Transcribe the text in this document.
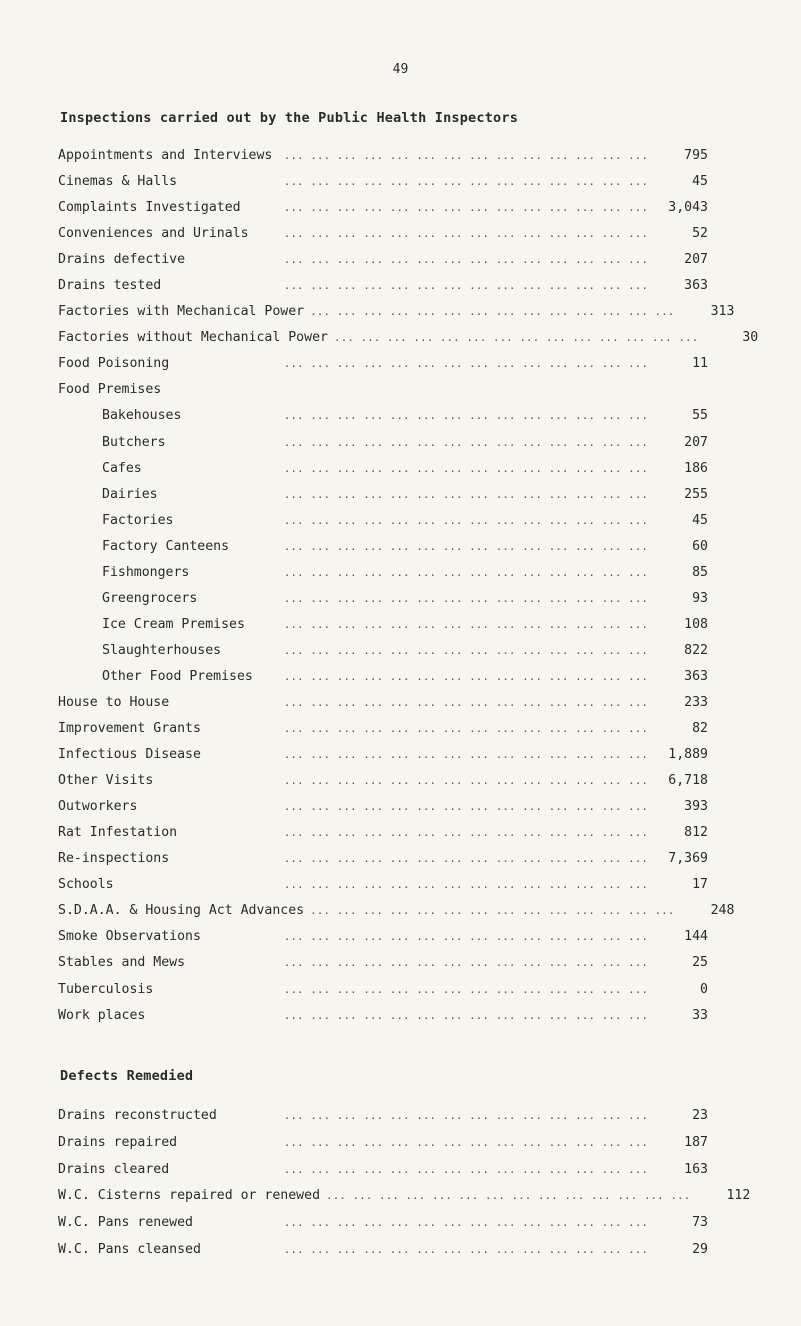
49
Inspections carried out by the Public Health Inspectors
Appointments and Interviews	... ... ... ... ... ... ... ... ... ... ... ... ... ...	795
Cinemas & Halls	... ... ... ... ... ... ... ... ... ... ... ... ... ...	45
Complaints Investigated	... ... ... ... ... ... ... ... ... ... ... ... ... ...	3,043
Conveniences and Urinals	... ... ... ... ... ... ... ... ... ... ... ... ... ...	52
Drains defective	... ... ... ... ... ... ... ... ... ... ... ... ... ...	207
Drains tested	... ... ... ... ... ... ... ... ... ... ... ... ... ...	363
Factories with Mechanical Power ... ... ... ... ... ... ... ... ... ... ... ... ... ...	313
Factories without Mechanical Power ... ... ... ... ... ... ... ... ... ... ... ... ... ...	30
Food Poisoning	... ... ... ... ... ... ... ... ... ... ... ... ... ...	11
Food Premises
Bakehouses	... ... ... ... ... ... ... ... ... ... ... ... ... ...	55
Butchers	... ... ... ... ... ... ... ... ... ... ... ... ... ...	207
Cafes	... ... ... ... ... ... ... ... ... ... ... ... ... ...	186
Dairies	... ... ... ... ... ... ... ... ... ... ... ... ... ...	255
Factories	... ... ... ... ... ... ... ... ... ... ... ... ... ...	45
Factory Canteens	... ... ... ... ... ... ... ... ... ... ... ... ... ...	60
Fishmongers	... ... ... ... ... ... ... ... ... ... ... ... ... ...	85
Greengrocers	... ... ... ... ... ... ... ... ... ... ... ... ... ...	93
Ice Cream Premises	... ... ... ... ... ... ... ... ... ... ... ... ... ...	108
Slaughterhouses	... ... ... ... ... ... ... ... ... ... ... ... ... ...	822
Other Food Premises	... ... ... ... ... ... ... ... ... ... ... ... ... ...	363
House to House	... ... ... ... ... ... ... ... ... ... ... ... ... ...	233
Improvement Grants	... ... ... ... ... ... ... ... ... ... ... ... ... ...	82
Infectious Disease	... ... ... ... ... ... ... ... ... ... ... ... ... ...	1,889
Other Visits	... ... ... ... ... ... ... ... ... ... ... ... ... ...	6,718
Outworkers	... ... ... ... ... ... ... ... ... ... ... ... ... ...	393
Rat Infestation	... ... ... ... ... ... ... ... ... ... ... ... ... ...	812
Re-inspections	... ... ... ... ... ... ... ... ... ... ... ... ... ...	7,369
Schools	... ... ... ... ... ... ... ... ... ... ... ... ... ...	17
S.D.A.A. & Housing Act Advances ... ... ... ... ... ... ... ... ... ... ... ... ... ...	248
Smoke Observations	... ... ... ... ... ... ... ... ... ... ... ... ... ...	144
Stables and Mews	... ... ... ... ... ... ... ... ... ... ... ... ... ...	25
Tuberculosis	... ... ... ... ... ... ... ... ... ... ... ... ... ...	0
Work places	... ... ... ... ... ... ... ... ... ... ... ... ... ...	33
Defects Remedied
Drains reconstructed	... ... ... ... ... ... ... ... ... ... ... ... ... ...	23
Drains repaired	... ... ... ... ... ... ... ... ... ... ... ... ... ...	187
Drains cleared	... ... ... ... ... ... ... ... ... ... ... ... ... ...	163
W.C. Cisterns repaired or renewed ... ... ... ... ... ... ... ... ... ... ... ... ... ...	112
W.C. Pans renewed	... ... ... ... ... ... ... ... ... ... ... ... ... ...	73
W.C. Pans cleansed	... ... ... ... ... ... ... ... ... ... ... ... ... ...	29
